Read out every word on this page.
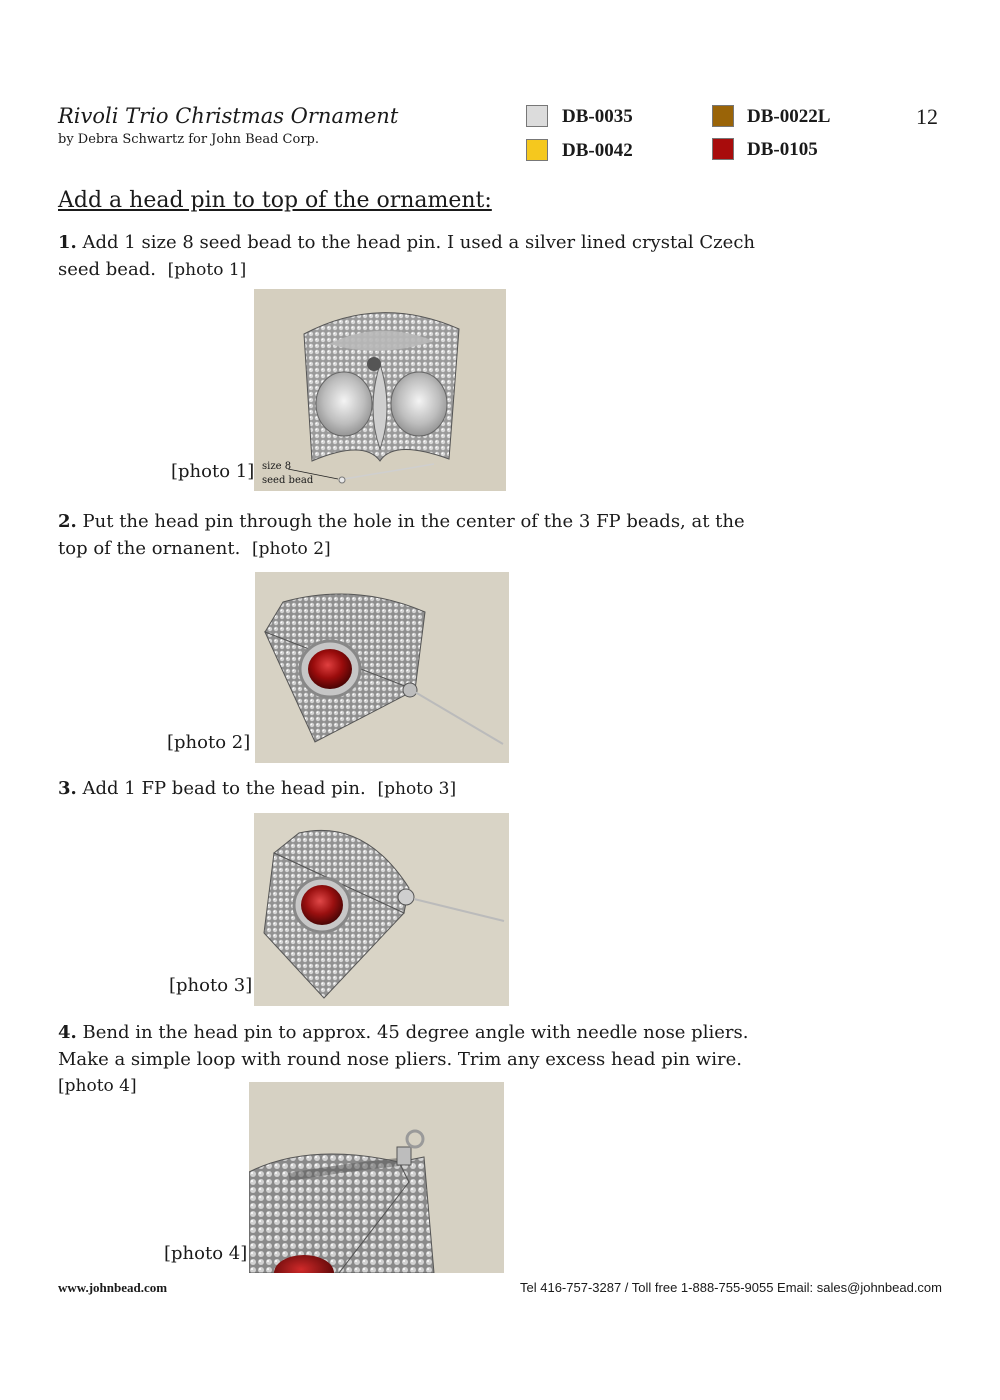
Rivoli Trio Christmas Ornament
by Debra Schwartz for John Bead Corp.
12
DB-0035
DB-0042
DB-0022L
DB-0105
Add a head pin to top of the ornament:
1. Add 1 size 8 seed bead to the head pin. I used a silver lined crystal Czech seed bead. [photo 1]
[photo 1] size 8
seed bead
2. Put the head pin through the hole in the center of the 3 FP beads, at the top of the ornanent. [photo 2]
[photo 2]
3. Add 1 FP bead to the head pin. [photo 3]
[photo 3]
4. Bend in the head pin to approx. 45 degree angle with needle nose pliers. Make a simple loop with round nose pliers. Trim any excess head pin wire.
[photo 4]
[photo 4]
www.johnbead.com	Tel 416-757-3287 / Toll free 1-888-755-9055 Email: sales@johnbead.com
